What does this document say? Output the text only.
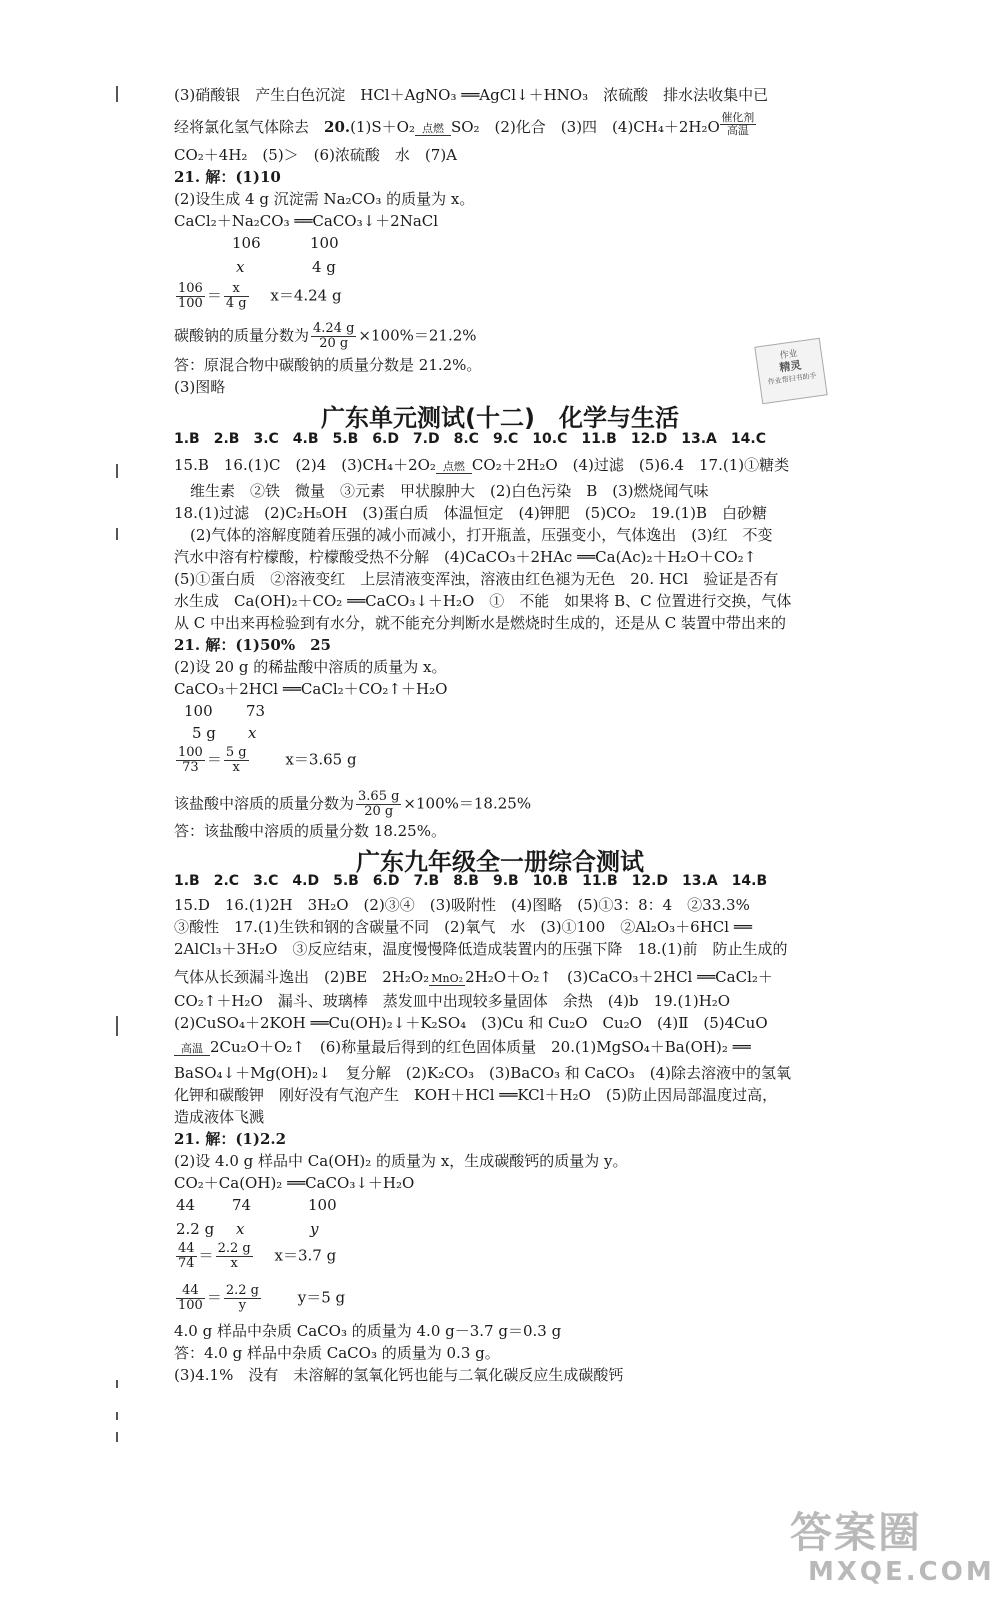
(3)硝酸银　产生白色沉淀　HCl＋AgNO₃ ══AgCl↓＋HNO₃　浓硫酸　排水法收集中已
经将氯化氢气体除去　20.(1)S＋O₂ 点燃 SO₂　(2)化合　(3)四　(4)CH₄＋2H₂O
催化剂
高温
CO₂＋4H₂　(5)＞　(6)浓硫酸　水　(7)A
21. 解：(1)10
(2)设生成 4 g 沉淀需 Na₂CO₃ 的质量为 x。
CaCl₂＋Na₂CO₃ ══CaCO₃↓＋2NaCl
106	100
x	4 g
$\frac{106}{100} = \frac{x}{4 g}$
　 x＝4.24 g
碳酸钠的质量分数为 $\frac{4.24 g}{20 g} \times 100\%=21.2\%$
答：原混合物中碳酸钠的质量分数是 21.2%。
(3)图略
作业
精灵
作业帮扫书助手
广东单元测试(十二)　化学与生活
1.B　2.B　3.C　4.B　5.B　6.D　7.D　8.C　9.C　10.C　11.B　12.D　13.A　14.C
15.B　16.(1)C　(2)4　(3)CH₄＋2O₂ 点燃 CO₂＋2H₂O　(4)过滤　(5)6.4　17.(1)①糖类
维生素　②铁　微量　③元素　甲状腺肿大　(2)白色污染　B　(3)燃烧闻气味
18.(1)过滤　(2)C₂H₅OH　(3)蛋白质　体温恒定　(4)钾肥　(5)CO₂　19.(1)B　白砂糖
(2)气体的溶解度随着压强的减小而减小，打开瓶盖，压强变小，气体逸出　(3)红　不变
汽水中溶有柠檬酸，柠檬酸受热不分解　(4)CaCO₃＋2HAc ══Ca(Ac)₂＋H₂O＋CO₂↑
(5)①蛋白质　②溶液变红　上层清液变浑浊，溶液由红色褪为无色　20. HCl　验证是否有
水生成　Ca(OH)₂＋CO₂ ══CaCO₃↓＋H₂O　①　不能　如果将 B、C 位置进行交换，气体
从 C 中出来再检验到有水分，就不能充分判断水是燃烧时生成的，还是从 C 装置中带出来的
21. 解：(1)50%　25
(2)设 20 g 的稀盐酸中溶质的质量为 x。
CaCO₃＋2HCl ══CaCl₂＋CO₂↑＋H₂O
100	73
5 g	x
$\frac{100}{73} = \frac{5 g}{x}$
　　 x＝3.65 g
该盐酸中溶质的质量分数为 $\frac{3.65 g}{20 g} \times 100\%=18.25\%$
答：该盐酸中溶质的质量分数 18.25%。
广东九年级全一册综合测试
1.B　2.C　3.C　4.D　5.B　6.D　7.B　8.B　9.B　10.B　11.B　12.D　13.A　14.B
15.D　16.(1)2H　3H₂O　(2)③④　(3)吸附性　(4)图略　(5)①3：8：4　②33.3%
③酸性　17.(1)生铁和钢的含碳量不同　(2)氧气　水　(3)①100　②Al₂O₃＋6HCl ══
2AlCl₃＋3H₂O　③反应结束，温度慢慢降低造成装置内的压强下降　18.(1)前　防止生成的
气体从长颈漏斗逸出　(2)BE　2H₂O₂ MnO₂ 2H₂O＋O₂↑　(3)CaCO₃＋2HCl ══CaCl₂＋
CO₂↑＋H₂O　漏斗、玻璃棒　蒸发皿中出现较多量固体　余热　(4)b　19.(1)H₂O
(2)CuSO₄＋2KOH ══Cu(OH)₂↓＋K₂SO₄　(3)Cu 和 Cu₂O　Cu₂O　(4)Ⅱ　(5)4CuO
高温 2Cu₂O＋O₂↑　(6)称量最后得到的红色固体质量　20.(1)MgSO₄＋Ba(OH)₂ ══
BaSO₄↓＋Mg(OH)₂↓　复分解　(2)K₂CO₃　(3)BaCO₃ 和 CaCO₃　(4)除去溶液中的氢氧
化钾和碳酸钾　刚好没有气泡产生　KOH＋HCl ══KCl＋H₂O　(5)防止因局部温度过高，
造成液体飞溅
21. 解：(1)2.2
(2)设 4.0 g 样品中 Ca(OH)₂ 的质量为 x，生成碳酸钙的质量为 y。
CO₂＋Ca(OH)₂ ══CaCO₃↓＋H₂O
44	74	100
2.2 g	x	y
$\frac{44}{74} = \frac{2.2 g}{x}$
　 x＝3.7 g
$\frac{44}{100} = \frac{2.2 g}{y}$
　　 y＝5 g
4.0 g 样品中杂质 CaCO₃ 的质量为 4.0 g－3.7 g＝0.3 g
答：4.0 g 样品中杂质 CaCO₃ 的质量为 0.3 g。
(3)4.1%　没有　未溶解的氢氧化钙也能与二氧化碳反应生成碳酸钙
答案圈
MXQE.COM
